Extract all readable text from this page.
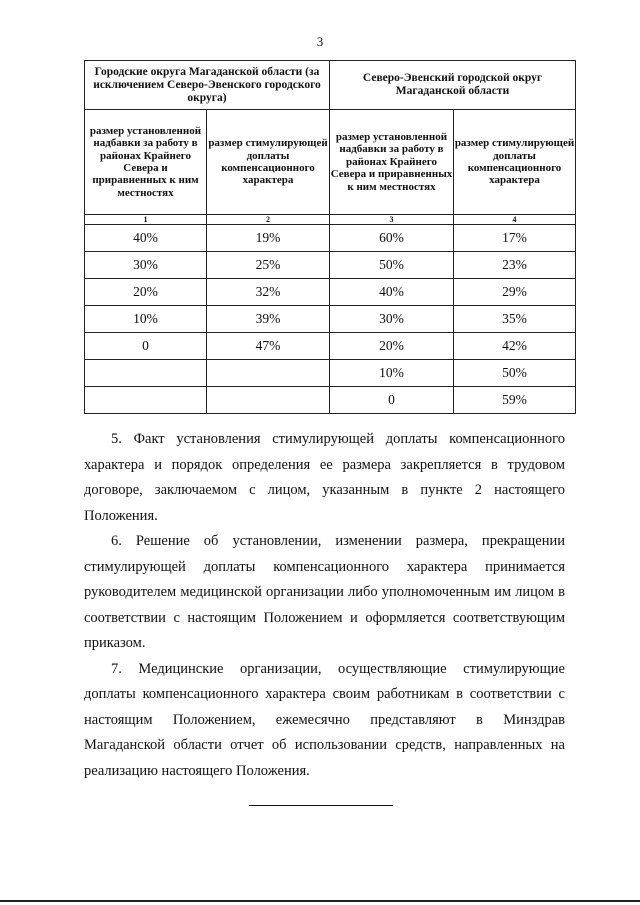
3
Городские округа Магаданской области (за исключением Северо-Эвенского городского округа)		Северо-Эвенский городской округ Магаданской области	
размер установленной надбавки за работу в районах Крайнего Севера и приравненных к ним местностях	размер стимулирующей доплаты компенсационного характера	размер установленной надбавки за работу в районах Крайнего Севера и приравненных к ним местностях	размер стимулирующей доплаты компенсационного характера
1	2	3	4
40%	19%	60%	17%
30%	25%	50%	23%
20%	32%	40%	29%
10%	39%	30%	35%
0	47%	20%	42%
		10%	50%
		0	59%

5. Факт установления стимулирующей доплаты компенсационного характера и порядок определения ее размера закрепляется в трудовом договоре, заключаемом с лицом, указанным в пункте 2 настоящего Положения.

6. Решение об установлении, изменении размера, прекращении стимулирующей доплаты компенсационного характера принимается руководителем медицинской организации либо уполномоченным им лицом в соответствии с настоящим Положением и оформляется соответствующим приказом.

7. Медицинские организации, осуществляющие стимулирующие доплаты компенсационного характера своим работникам в соответствии с настоящим Положением, ежемесячно представляют в Минздрав Магаданской области отчет об использовании средств, направленных на реализацию настоящего Положения.
